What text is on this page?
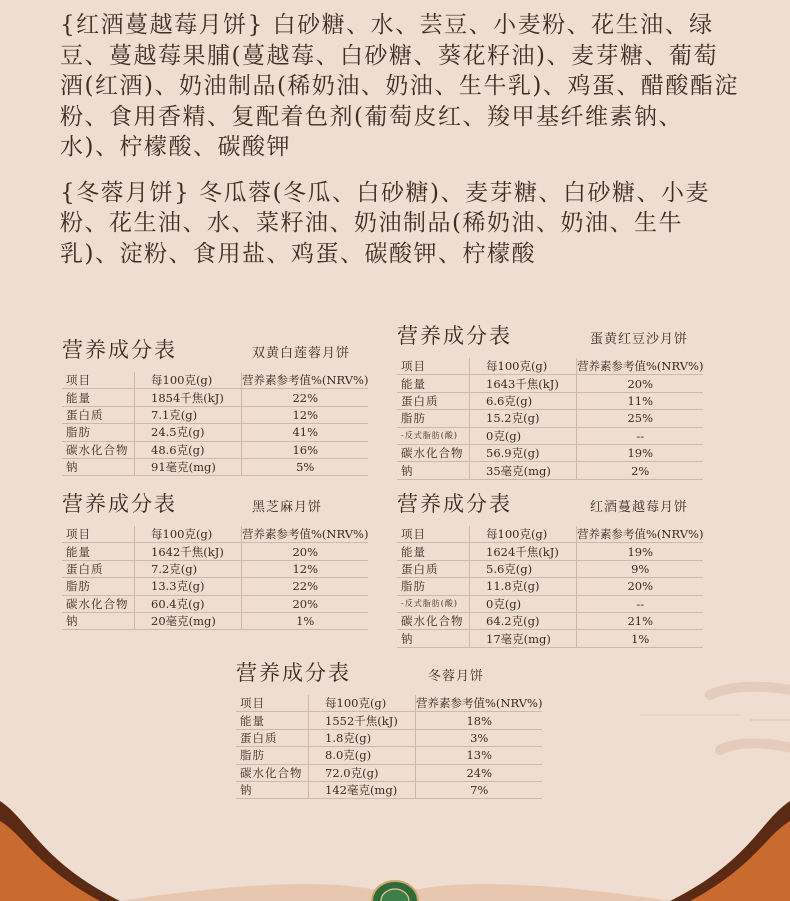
{红酒蔓越莓月饼} 白砂糖、水、芸豆、小麦粉、花生油、绿豆、蔓越莓果脯(蔓越莓、白砂糖、葵花籽油)、麦芽糖、葡萄酒(红酒)、奶油制品(稀奶油、奶油、生牛乳)、鸡蛋、醋酸酯淀粉、食用香精、复配着色剂(葡萄皮红、羧甲基纤维素钠、水)、柠檬酸、碳酸钾

{冬蓉月饼} 冬瓜蓉(冬瓜、白砂糖)、麦芽糖、白砂糖、小麦粉、花生油、水、菜籽油、奶油制品(稀奶油、奶油、生牛乳)、淀粉、食用盐、鸡蛋、碳酸钾、柠檬酸

营养成分表	双黄白莲蓉月饼
项目	每100克(g)	营养素参考值%(NRV%)
能量	1854千焦(kJ)	22%
蛋白质	7.1克(g)	12%
脂肪	24.5克(g)	41%
碳水化合物	48.6克(g)	16%
钠	91毫克(mg)	5%
营养成分表	蛋黄红豆沙月饼
项目	每100克(g)	营养素参考值%(NRV%)
能量	1643千焦(kJ)	20%
蛋白质	6.6克(g)	11%
脂肪	15.2克(g)	25%
-反式脂肪(酸)	0克(g)	--
碳水化合物	56.9克(g)	19%
钠	35毫克(mg)	2%
营养成分表	黑芝麻月饼
项目	每100克(g)	营养素参考值%(NRV%)
能量	1642千焦(kJ)	20%
蛋白质	7.2克(g)	12%
脂肪	13.3克(g)	22%
碳水化合物	60.4克(g)	20%
钠	20毫克(mg)	1%
营养成分表	红酒蔓越莓月饼
项目	每100克(g)	营养素参考值%(NRV%)
能量	1624千焦(kJ)	19%
蛋白质	5.6克(g)	9%
脂肪	11.8克(g)	20%
-反式脂肪(酸)	0克(g)	--
碳水化合物	64.2克(g)	21%
钠	17毫克(mg)	1%
营养成分表	冬蓉月饼
项目	每100克(g)	营养素参考值%(NRV%)
能量	1552千焦(kJ)	18%
蛋白质	1.8克(g)	3%
脂肪	8.0克(g)	13%
碳水化合物	72.0克(g)	24%
钠	142毫克(mg)	7%
